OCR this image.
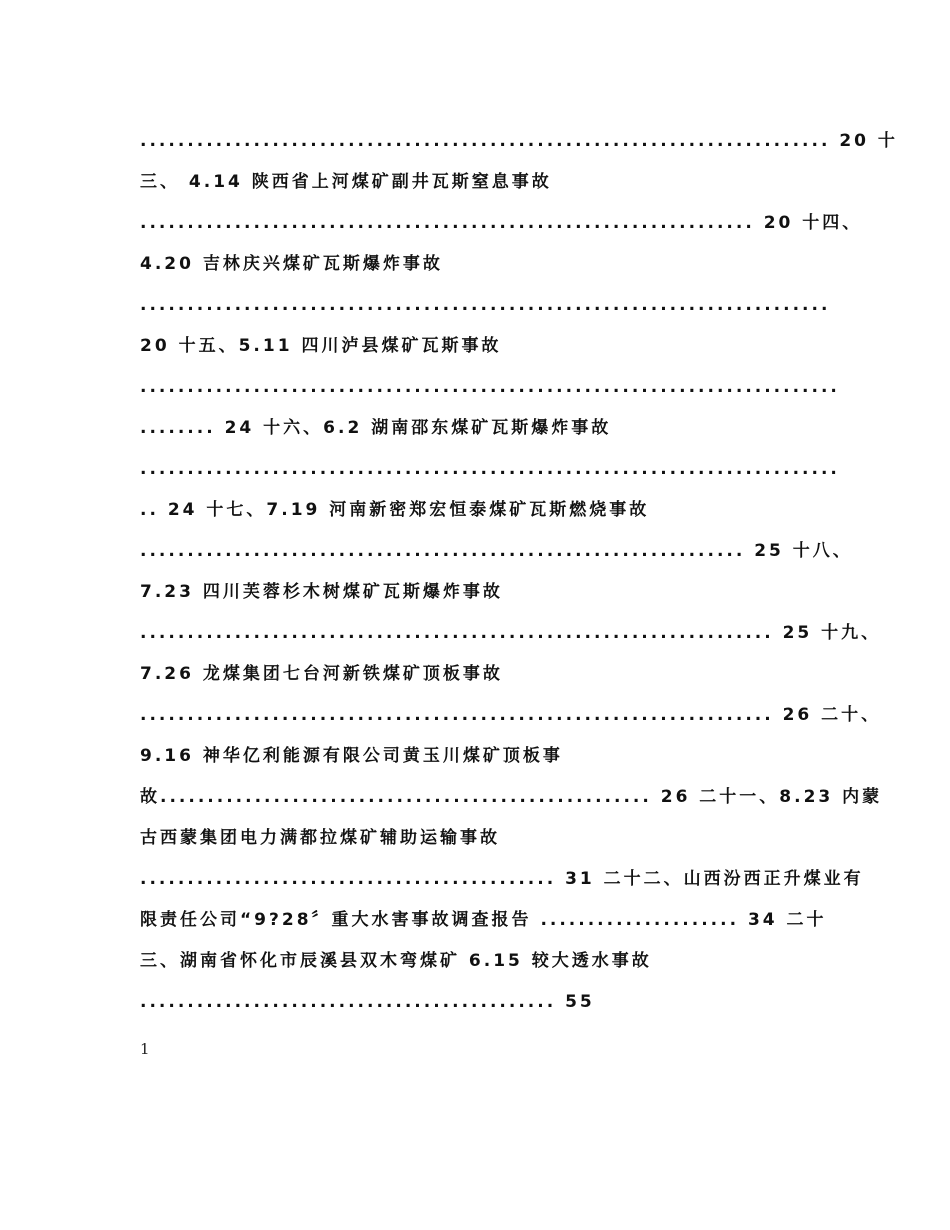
......................................................................... 20 十
三、 4.14 陕西省上河煤矿副井瓦斯窒息事故
................................................................. 20 十四、
4.20 吉林庆兴煤矿瓦斯爆炸事故
.........................................................................
20 十五、5.11 四川泸县煤矿瓦斯事故
..........................................................................
........ 24 十六、6.2 湖南邵东煤矿瓦斯爆炸事故
..........................................................................
.. 24 十七、7.19 河南新密郑宏恒泰煤矿瓦斯燃烧事故
................................................................ 25 十八、
7.23 四川芙蓉杉木树煤矿瓦斯爆炸事故
................................................................... 25 十九、
7.26 龙煤集团七台河新铁煤矿顶板事故
................................................................... 26 二十、
9.16 神华亿利能源有限公司黄玉川煤矿顶板事
故.................................................... 26 二十一、8.23 内蒙
古西蒙集团电力满都拉煤矿辅助运输事故
............................................ 31 二十二、山西汾西正升煤业有
限责任公司“9?28〞重大水害事故调查报告 ..................... 34 二十
三、湖南省怀化市辰溪县双木弯煤矿 6.15 较大透水事故
............................................ 55
1
